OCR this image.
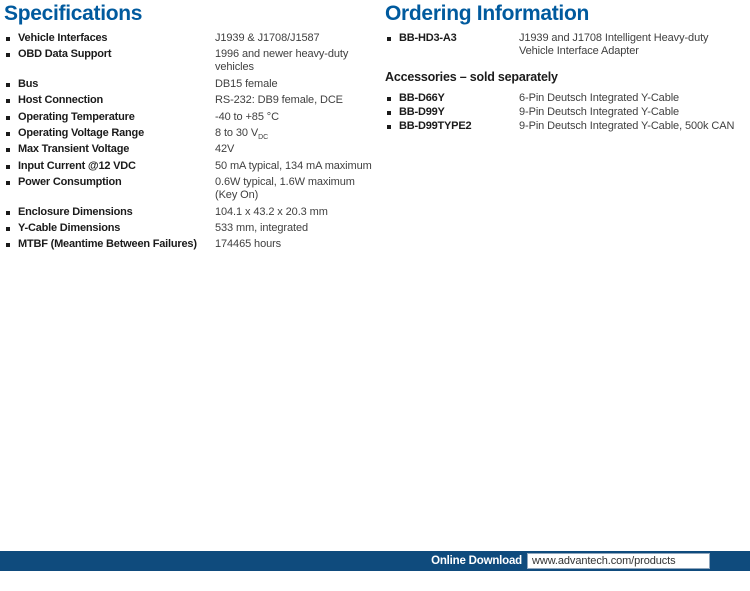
Specifications
Vehicle Interfaces	J1939 & J1708/J1587
OBD Data Support	1996 and newer heavy-duty vehicles
Bus	DB15 female
Host Connection	RS-232: DB9 female, DCE
Operating Temperature	-40 to +85 °C
Operating Voltage Range	8 to 30 $V_{DC}$
Max Transient Voltage	42V
Input Current @12 VDC	50 mA typical, 134 mA maximum
Power Consumption	0.6W typical, 1.6W maximum
(Key On)
Enclosure Dimensions	104.1 x 43.2 x 20.3 mm
Y-Cable Dimensions	533 mm, integrated
MTBF (Meantime Between Failures)	174465 hours
Ordering Information
BB-HD3-A3	J1939 and J1708 Intelligent Heavy-duty Vehicle Interface Adapter
Accessories – sold separately
BB-D66Y	6-Pin Deutsch Integrated Y-Cable
BB-D99Y	9-Pin Deutsch Integrated Y-Cable
BB-D99TYPE2	9-Pin Deutsch Integrated Y-Cable, 500k CAN
Online Download www.advantech.com/products
